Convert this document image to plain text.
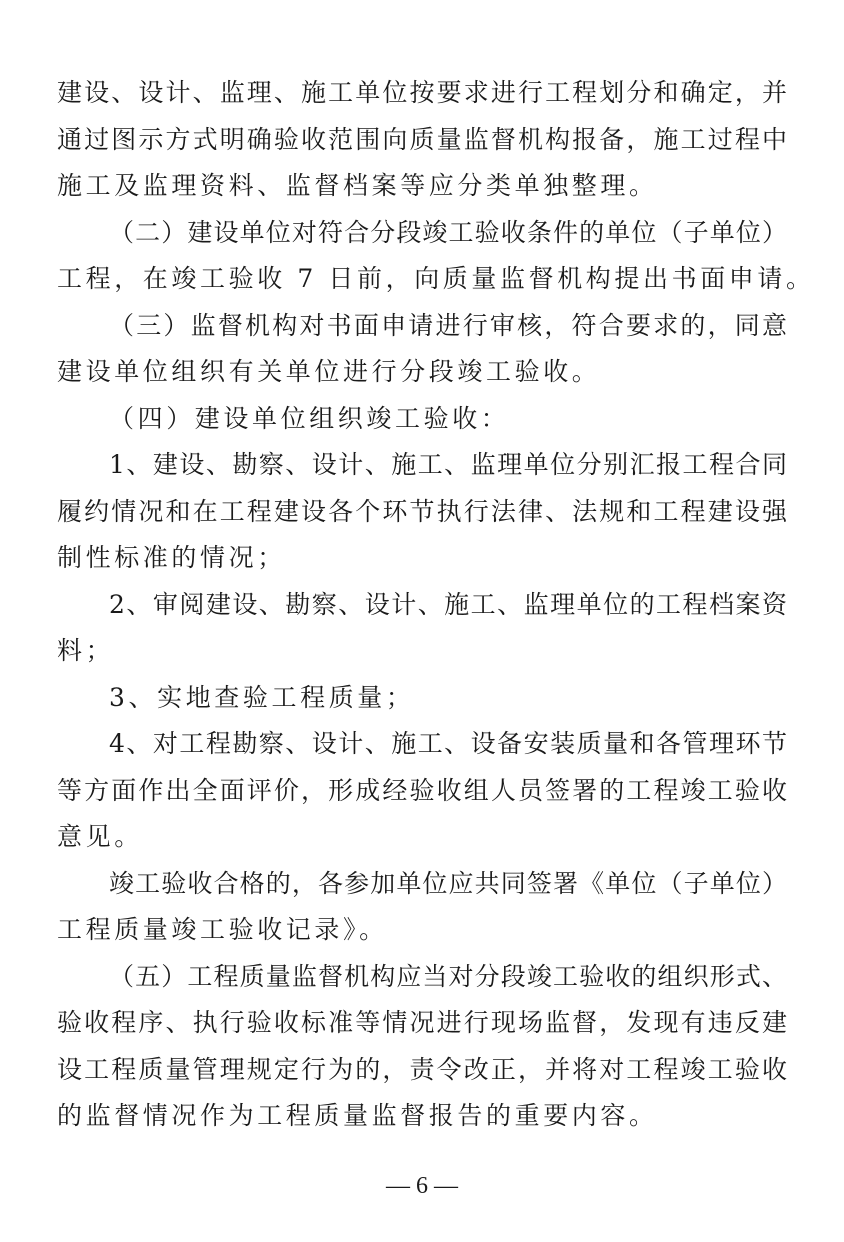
建设、设计、监理、施工单位按要求进行工程划分和确定，并
通过图示方式明确验收范围向质量监督机构报备，施工过程中
施工及监理资料、监督档案等应分类单独整理。
（二）建设单位对符合分段竣工验收条件的单位（子单位）
工程，在竣工验收 7 日前，向质量监督机构提出书面申请。
（三）监督机构对书面申请进行审核，符合要求的，同意
建设单位组织有关单位进行分段竣工验收。
（四）建设单位组织竣工验收：
1、建设、勘察、设计、施工、监理单位分别汇报工程合同
履约情况和在工程建设各个环节执行法律、法规和工程建设强
制性标准的情况；
2、审阅建设、勘察、设计、施工、监理单位的工程档案资
料；
3、实地查验工程质量；
4、对工程勘察、设计、施工、设备安装质量和各管理环节
等方面作出全面评价，形成经验收组人员签署的工程竣工验收
意见。
竣工验收合格的，各参加单位应共同签署《单位（子单位）
工程质量竣工验收记录》。
（五）工程质量监督机构应当对分段竣工验收的组织形式、
验收程序、执行验收标准等情况进行现场监督，发现有违反建
设工程质量管理规定行为的，责令改正，并将对工程竣工验收
的监督情况作为工程质量监督报告的重要内容。
— 6 —
